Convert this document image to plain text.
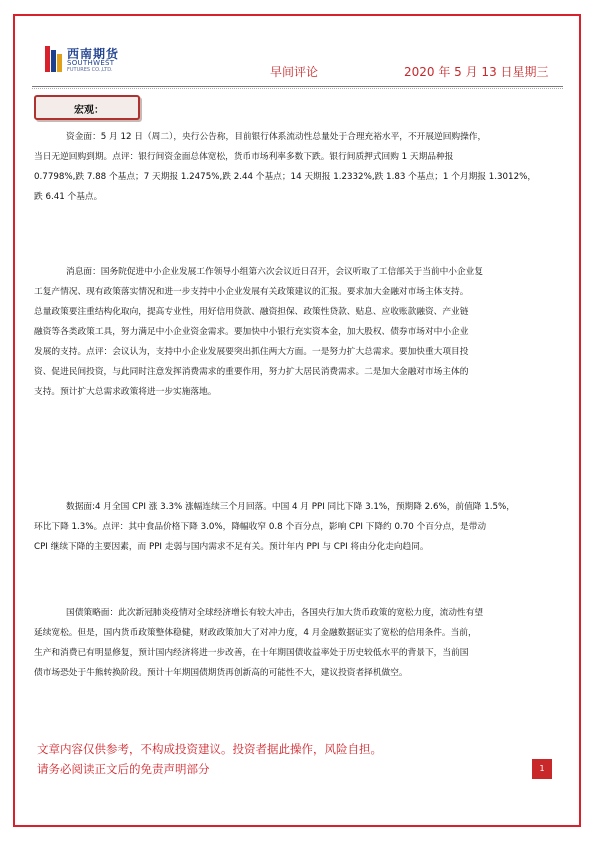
西南期货
SOUTHWEST
FUTURES CO.,LTD.	早间评论	2020 年 5 月 13 日星期三
宏观：
资金面：5 月 12 日（周二），央行公告称，目前银行体系流动性总量处于合理充裕水平，不开展逆回购操作，
当日无逆回购到期。点评：银行间资金面总体宽松，货币市场利率多数下跌。银行间质押式回购 1 天期品种报
0.7798%,跌 7.88 个基点；7 天期报 1.2475%,跌 2.44 个基点；14 天期报 1.2332%,跌 1.83 个基点；1 个月期报 1.3012%，
跌 6.41 个基点。
消息面：国务院促进中小企业发展工作领导小组第六次会议近日召开，会议听取了工信部关于当前中小企业复
工复产情况、现有政策落实情况和进一步支持中小企业发展有关政策建议的汇报。要求加大金融对市场主体支持。
总量政策要注重结构化取向，提高专业性，用好信用贷款、融资担保、政策性贷款、贴息、应收账款融资、产业链
融资等各类政策工具，努力满足中小企业资金需求。要加快中小银行充实资本金，加大股权、债券市场对中小企业
发展的支持。点评：会议认为，支持中小企业发展要突出抓住两大方面。一是努力扩大总需求。要加快重大项目投
资、促进民间投资，与此同时注意发挥消费需求的重要作用，努力扩大居民消费需求。二是加大金融对市场主体的
支持。预计扩大总需求政策将进一步实施落地。
数据面:4 月全国 CPI 涨 3.3% 涨幅连续三个月回落。中国 4 月 PPI 同比下降 3.1%，预期降 2.6%，前值降 1.5%，
环比下降 1.3%。点评：其中食品价格下降 3.0%，降幅收窄 0.8 个百分点，影响 CPI 下降约 0.70 个百分点，是带动
CPI 继续下降的主要因素，而 PPI 走弱与国内需求不足有关。预计年内 PPI 与 CPI 将由分化走向趋同。
国债策略面：此次新冠肺炎疫情对全球经济增长有较大冲击，各国央行加大货币政策的宽松力度，流动性有望
延续宽松。但是，国内货币政策整体稳健，财政政策加大了对冲力度，4 月金融数据证实了宽松的信用条件。当前，
生产和消费已有明显修复，预计国内经济将进一步改善，在十年期国债收益率处于历史较低水平的背景下，当前国
债市场恐处于牛熊转换阶段。预计十年期国债期货再创新高的可能性不大，建议投资者择机做空。
文章内容仅供参考，不构成投资建议。投资者据此操作，风险自担。
请务必阅读正文后的免责声明部分	1
